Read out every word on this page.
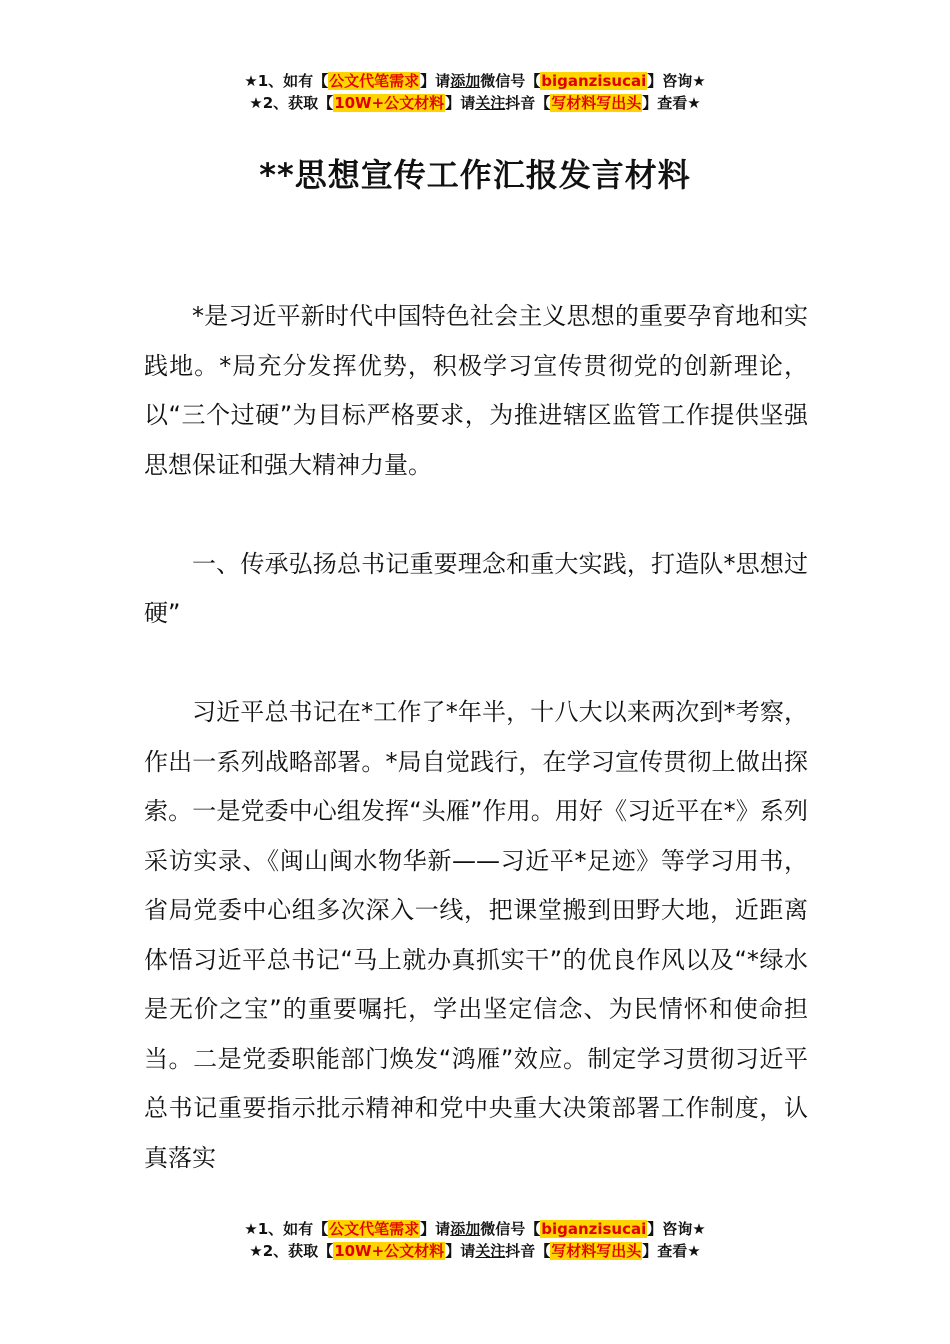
★1、如有【公文代笔需求】请添加微信号【biganzisucai】咨询★
★2、获取【10W+公文材料】请关注抖音【写材料写出头】查看★
**思想宣传工作汇报发言材料

*是习近平新时代中国特色社会主义思想的重要孕育地和实践地。*局充分发挥优势，积极学习宣传贯彻党的创新理论，以“三个过硬”为目标严格要求，为推进辖区监管工作提供坚强思想保证和强大精神力量。

一、传承弘扬总书记重要理念和重大实践，打造队*思想过硬”

习近平总书记在*工作了*年半，十八大以来两次到*考察，作出一系列战略部署。*局自觉践行，在学习宣传贯彻上做出探索。一是党委中心组发挥“头雁”作用。用好《习近平在*》系列采访实录、《闽山闽水物华新——习近平*足迹》等学习用书，省局党委中心组多次深入一线，把课堂搬到田野大地，近距离体悟习近平总书记“马上就办真抓实干”的优良作风以及“*绿水是无价之宝”的重要嘱托，学出坚定信念、为民情怀和使命担当。二是党委职能部门焕发“鸿雁”效应。制定学习贯彻习近平总书记重要指示批示精神和党中央重大决策部署工作制度，认真落实

★1、如有【公文代笔需求】请添加微信号【biganzisucai】咨询★
★2、获取【10W+公文材料】请关注抖音【写材料写出头】查看★
